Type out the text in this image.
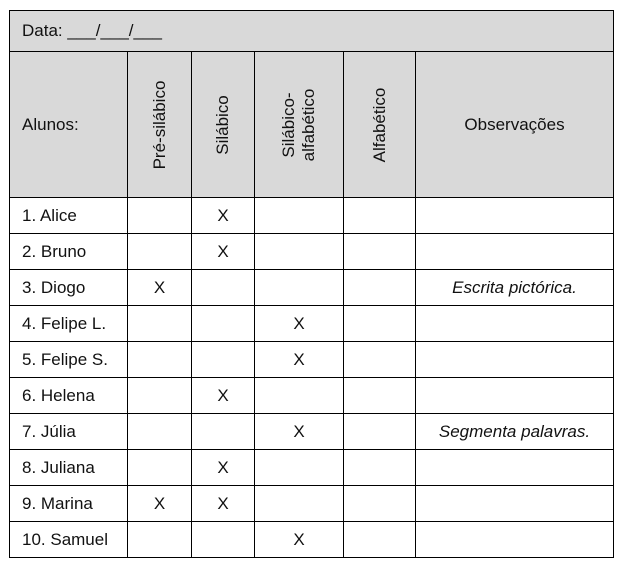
Data: ___/___/___					
Alunos:	Pré-silábico	Silábico	Silábico-alfabético	Alfabético	Observações
1. Alice		X			
2. Bruno		X			
3. Diogo	X				Escrita pictórica.
4. Felipe L.			X		
5. Felipe S.			X		
6. Helena		X			
7. Júlia			X		Segmenta palavras.
8. Juliana		X			
9. Marina	X	X			
10. Samuel			X		
